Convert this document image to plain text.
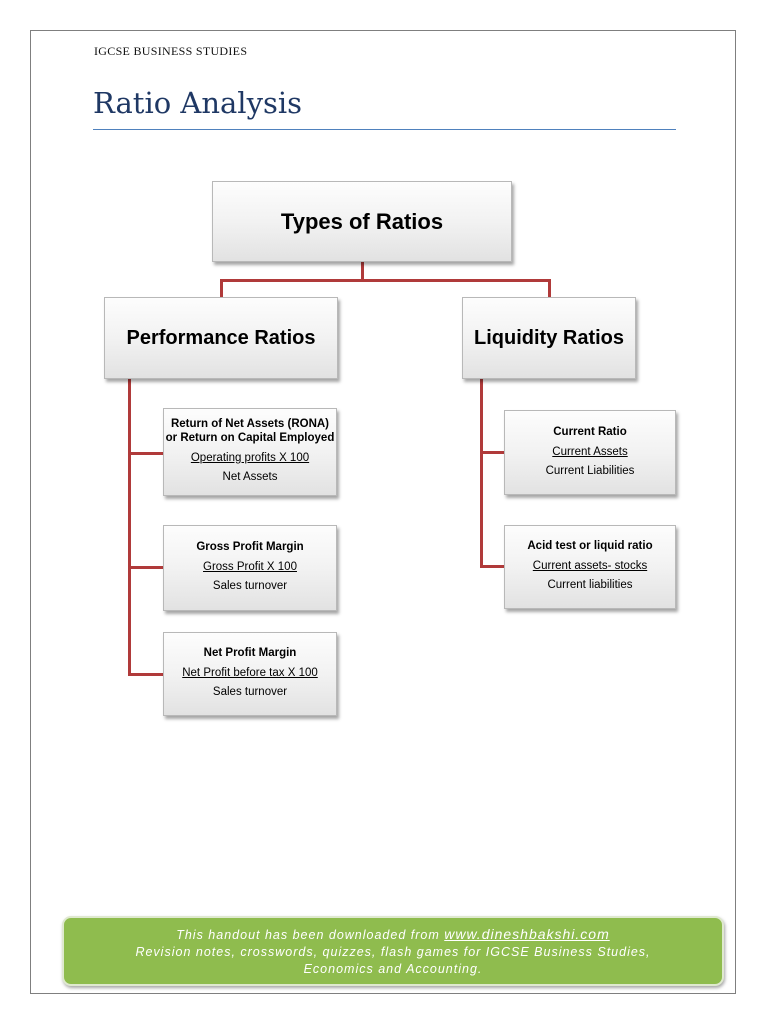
IGCSE BUSINESS STUDIES
Ratio Analysis
Types of Ratios
Performance Ratios	Liquidity Ratios
Return of Net Assets (RONA) or Return on Capital Employed
Operating profits X 100
Net Assets
Gross Profit Margin
Gross Profit X 100
Sales turnover
Net Profit Margin
Net Profit before tax X 100
Sales turnover
Current Ratio
Current Assets
Current Liabilities
Acid test or liquid ratio
Current assets- stocks
Current liabilities
This handout has been downloaded from www.dineshbakshi.com
Revision notes, crosswords, quizzes, flash games for IGCSE Business Studies,
Economics and Accounting.
